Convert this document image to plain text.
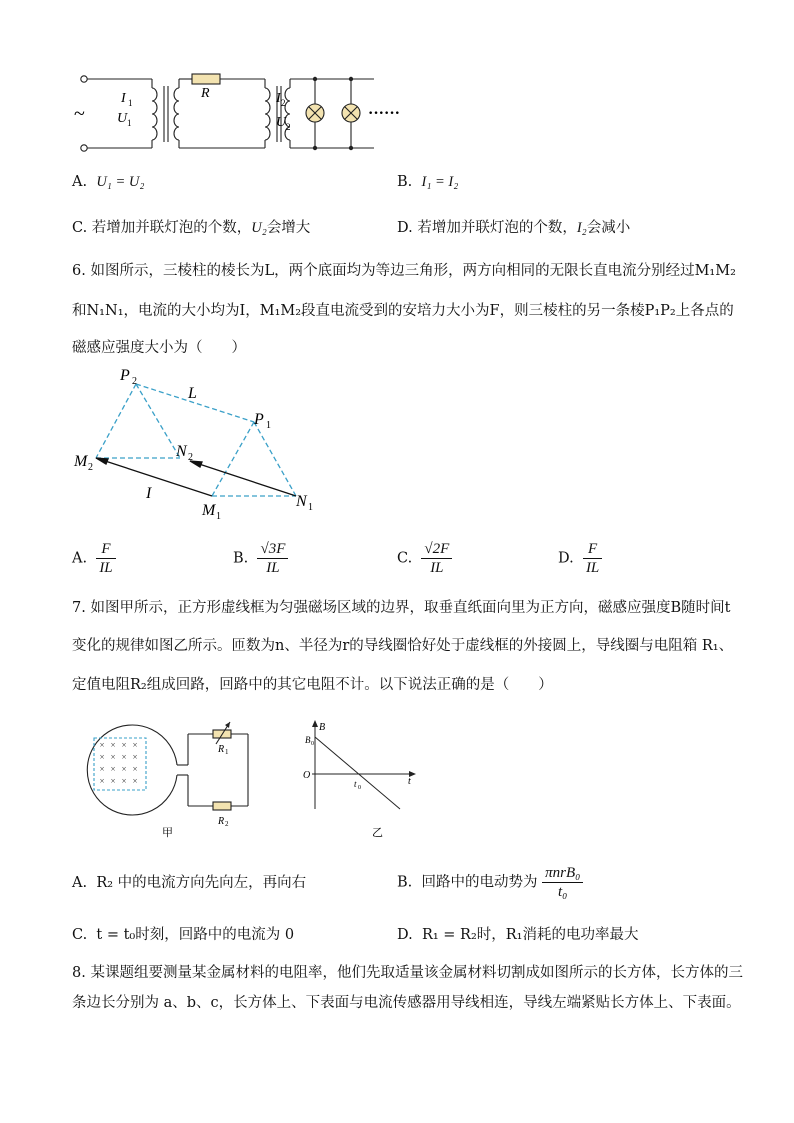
~
R
I 1
U 1
I 2
U 2
······
A. U₁ = U₂	B. I₁ = I₂
C. 若增加并联灯泡的个数，U₂会增大	D. 若增加并联灯泡的个数，I₂会减小
6. 如图所示，三棱柱的棱长为L，两个底面均为等边三角形，两方向相同的无限长直电流分别经过M₁M₂
和N₁N₁，电流的大小均为I，M₁M₂段直电流受到的安培力大小为F，则三棱柱的另一条棱P₁P₂上各点的
磁感应强度大小为（　　）
P 2
P 1
L
N 2
M 2
I
M 1
N 1
A. $\frac{F}{IL}$	B. $\frac{√3F}{IL}$	C. $\frac{√2F}{IL}$	D. $\frac{F}{IL}$
7. 如图甲所示，正方形虚线框为匀强磁场区域的边界，取垂直纸面向里为正方向，磁感应强度B随时间t
变化的规律如图乙所示。匝数为n、半径为r的导线圈恰好处于虚线框的外接圆上，导线圈与电阻箱 R₁、
定值电阻R₂组成回路，回路中的其它电阻不计。以下说法正确的是（　　）
× × × ×
× × × ×
× × × ×
× × × ×
R 1
R 2
甲
B
B 0
O
t
t 0
乙
A. R₂ 中的电流方向先向左，再向右	B. 回路中的电动势为 $\frac{\text{πnrB₀}}{\text{t₀}}$
C. t = t₀时刻，回路中的电流为 0	D. R₁ = R₂时，R₁消耗的电功率最大
8. 某课题组要测量某金属材料的电阻率，他们先取适量该金属材料切割成如图所示的长方体，长方体的三
条边长分别为 a、b、c，长方体上、下表面与电流传感器用导线相连，导线左端紧贴长方体上、下表面。
